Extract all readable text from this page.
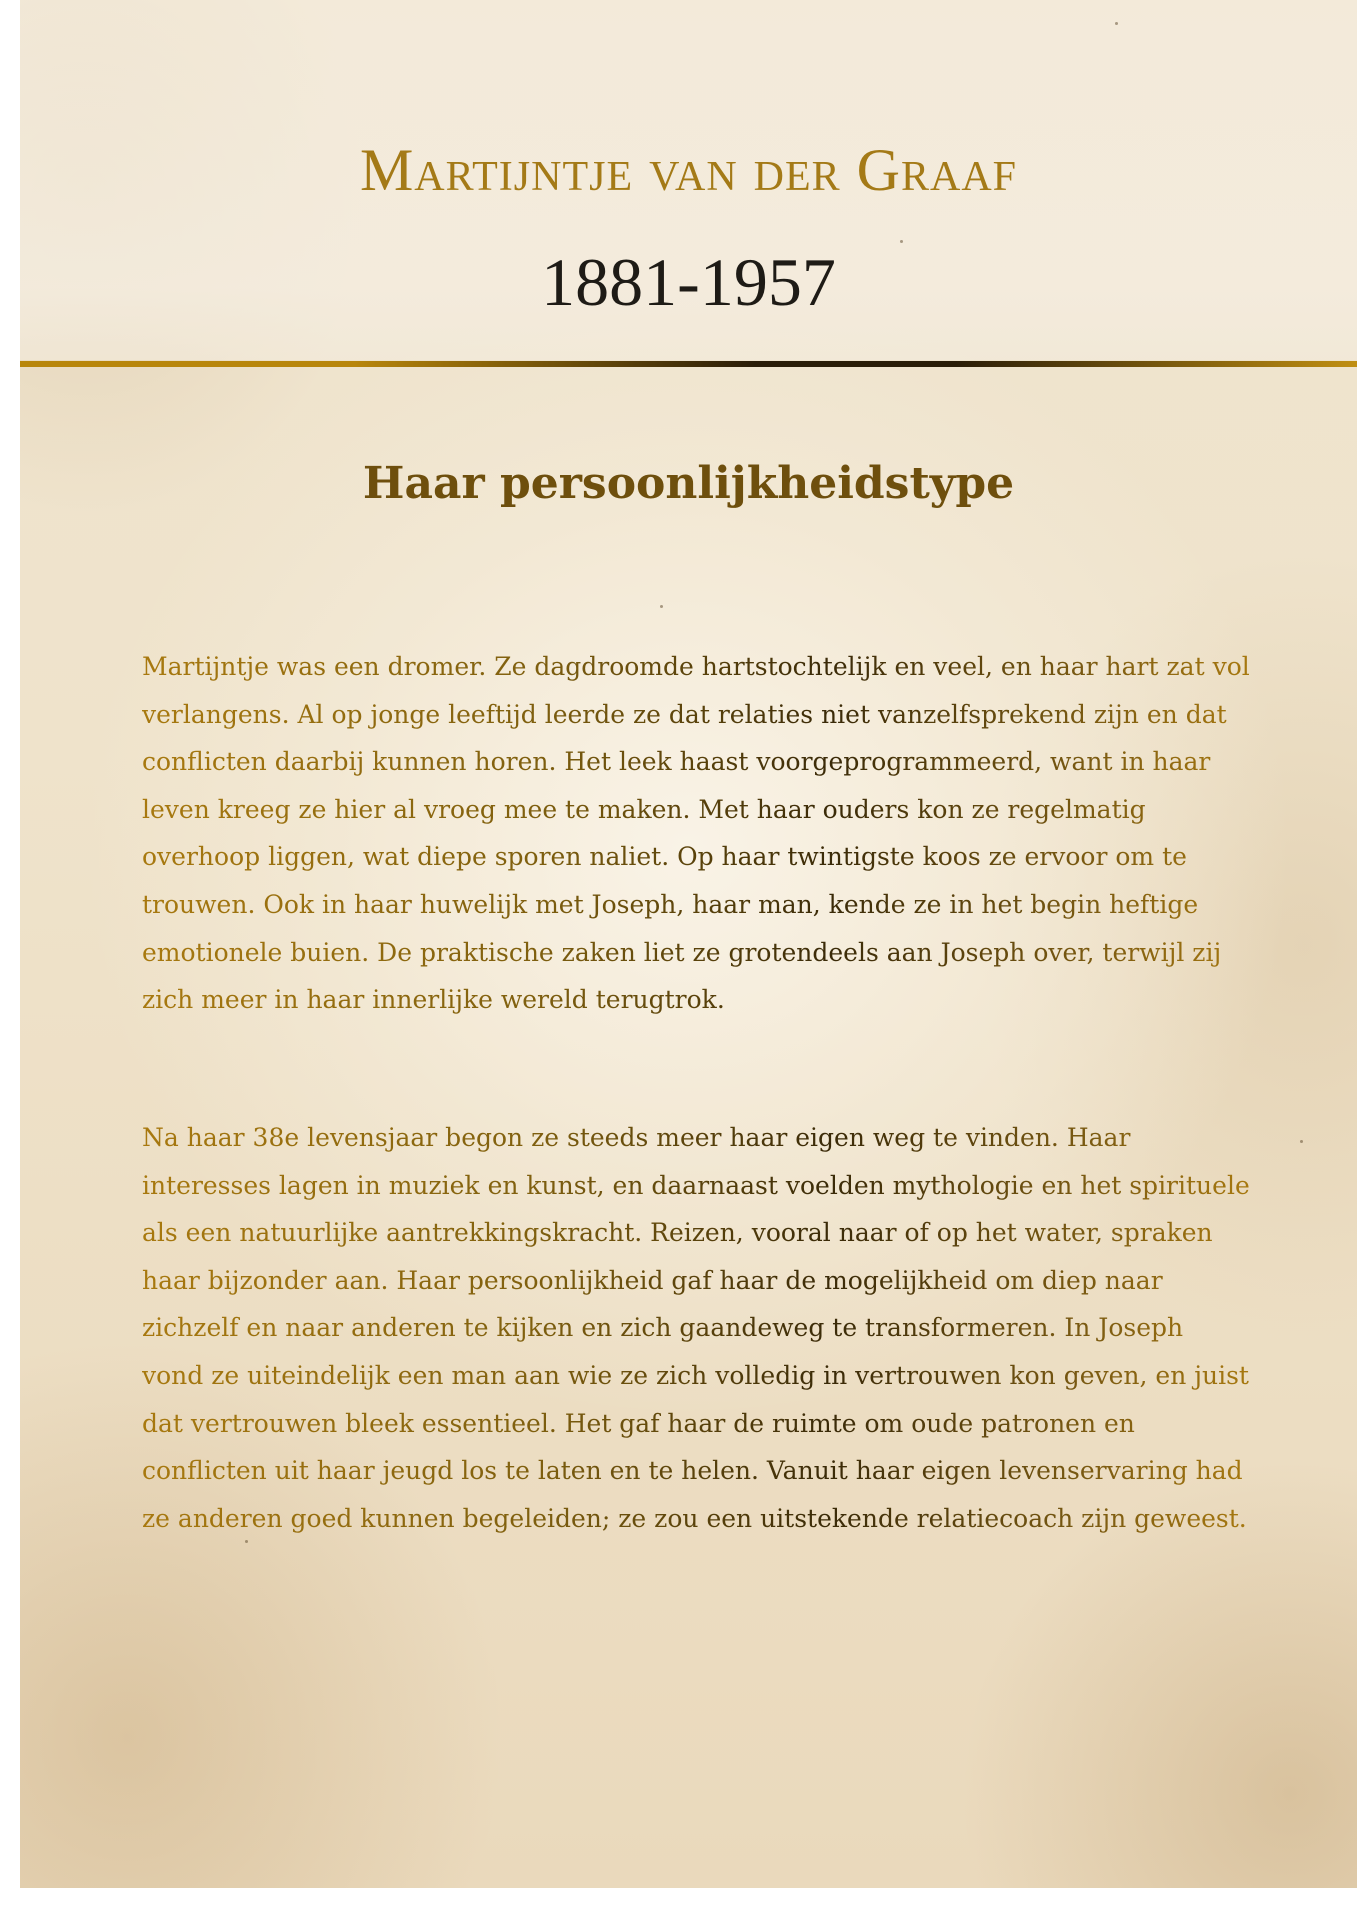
Martijntje van der Graaf
1881-1957
Haar persoonlijkheidstype

Martijntje was een dromer. Ze dagdroomde hartstochtelijk en veel, en haar hart zat vol verlangens. Al op jonge leeftijd leerde ze dat relaties niet vanzelfsprekend zijn en dat conflicten daarbij kunnen horen. Het leek haast voorgeprogrammeerd, want in haar leven kreeg ze hier al vroeg mee te maken. Met haar ouders kon ze regelmatig overhoop liggen, wat diepe sporen naliet. Op haar twintigste koos ze ervoor om te trouwen. Ook in haar huwelijk met Joseph, haar man, kende ze in het begin heftige emotionele buien. De praktische zaken liet ze grotendeels aan Joseph over, terwijl zij zich meer in haar innerlijke wereld terugtrok.

Na haar 38e levensjaar begon ze steeds meer haar eigen weg te vinden. Haar interesses lagen in muziek en kunst, en daarnaast voelden mythologie en het spirituele als een natuurlijke aantrekkingskracht. Reizen, vooral naar of op het water, spraken haar bijzonder aan. Haar persoonlijkheid gaf haar de mogelijkheid om diep naar zichzelf en naar anderen te kijken en zich gaandeweg te transformeren. In Joseph vond ze uiteindelijk een man aan wie ze zich volledig in vertrouwen kon geven, en juist dat vertrouwen bleek essentieel. Het gaf haar de ruimte om oude patronen en conflicten uit haar jeugd los te laten en te helen. Vanuit haar eigen levenservaring had ze anderen goed kunnen begeleiden; ze zou een uitstekende relatiecoach zijn geweest.
